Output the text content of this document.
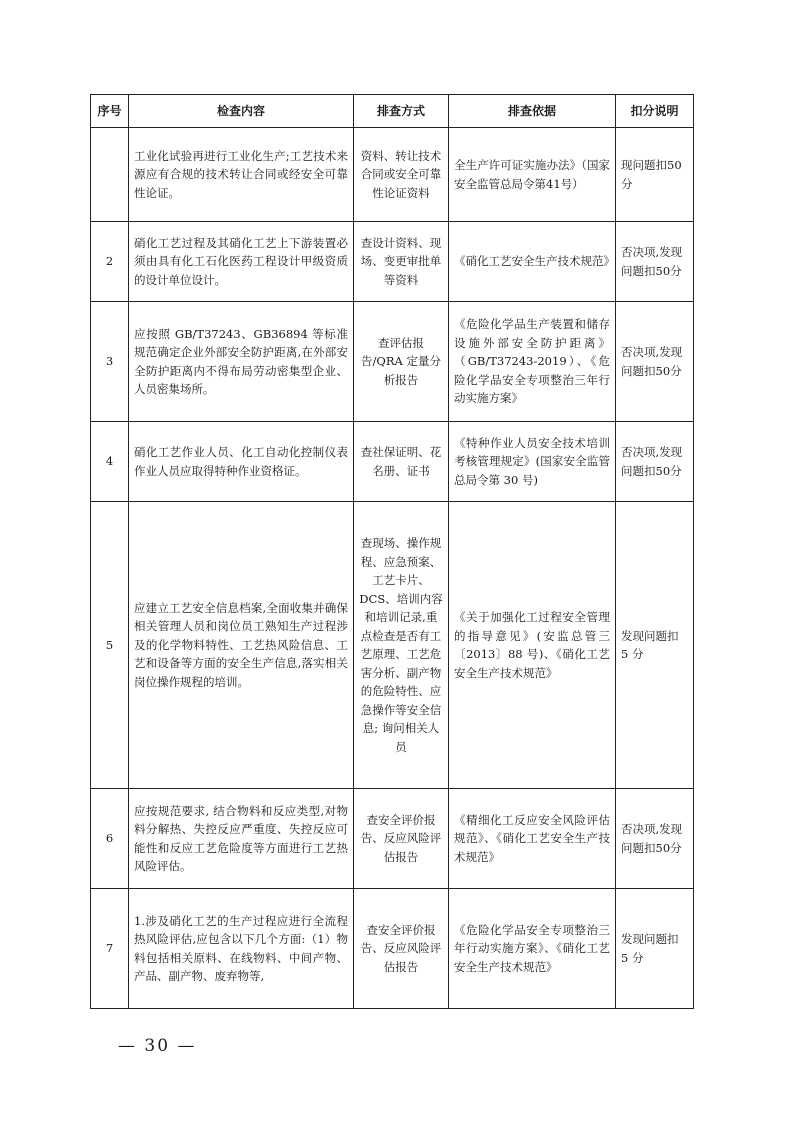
序号	检查内容	排查方式	排查依据	扣分说明
	工业化试验再进行工业化生产;工艺技术来源应有合规的技术转让合同或经安全可靠性论证。	资料、转让技术合同或安全可靠性论证资料	全生产许可证实施办法》（国家安全监管总局令第41号）	现问题扣50分
2	硝化工艺过程及其硝化工艺上下游装置必须由具有化工石化医药工程设计甲级资质的设计单位设计。	查设计资料、现场、变更审批单等资料	《硝化工艺安全生产技术规范》	否决项,发现问题扣50分
3	应按照 GB/T37243、GB36894 等标准规范确定企业外部安全防护距离,在外部安全防护距离内不得布局劳动密集型企业、人员密集场所。	查评估报告/QRA 定量分析报告	《危险化学品生产装置和储存设施外部安全防护距离》（GB/T37243-2019）、《危险化学品安全专项整治三年行动实施方案》	否决项,发现问题扣50分
4	硝化工艺作业人员、化工自动化控制仪表作业人员应取得特种作业资格证。	查社保证明、花名册、证书	《特种作业人员安全技术培训考核管理规定》(国家安全监管总局令第 30 号)	否决项,发现问题扣50分
5	应建立工艺安全信息档案,全面收集并确保相关管理人员和岗位员工熟知生产过程涉及的化学物料特性、工艺热风险信息、工艺和设备等方面的安全生产信息,落实相关岗位操作规程的培训。	查现场、操作规程、应急预案、工艺卡片、DCS、培训内容和培训记录,重点检查是否有工艺原理、工艺危害分析、副产物的危险特性、应急操作等安全信息; 询问相关人员	《关于加强化工过程安全管理的指导意见》(安监总管三〔2013〕88 号)、《硝化工艺安全生产技术规范》	发现问题扣 5 分
6	应按规范要求, 结合物料和反应类型,对物料分解热、失控反应严重度、失控反应可能性和反应工艺危险度等方面进行工艺热风险评估。	查安全评价报告、反应风险评估报告	《精细化工反应安全风险评估规范》、《硝化工艺安全生产技术规范》	否决项,发现问题扣50分
7	1.涉及硝化工艺的生产过程应进行全流程热风险评估,应包含以下几个方面:（1）物料包括相关原料、在线物料、中间产物、产品、副产物、废弃物等,	查安全评价报告、反应风险评估报告	《危险化学品安全专项整治三年行动实施方案》、《硝化工艺安全生产技术规范》	发现问题扣 5 分
— 30 —
